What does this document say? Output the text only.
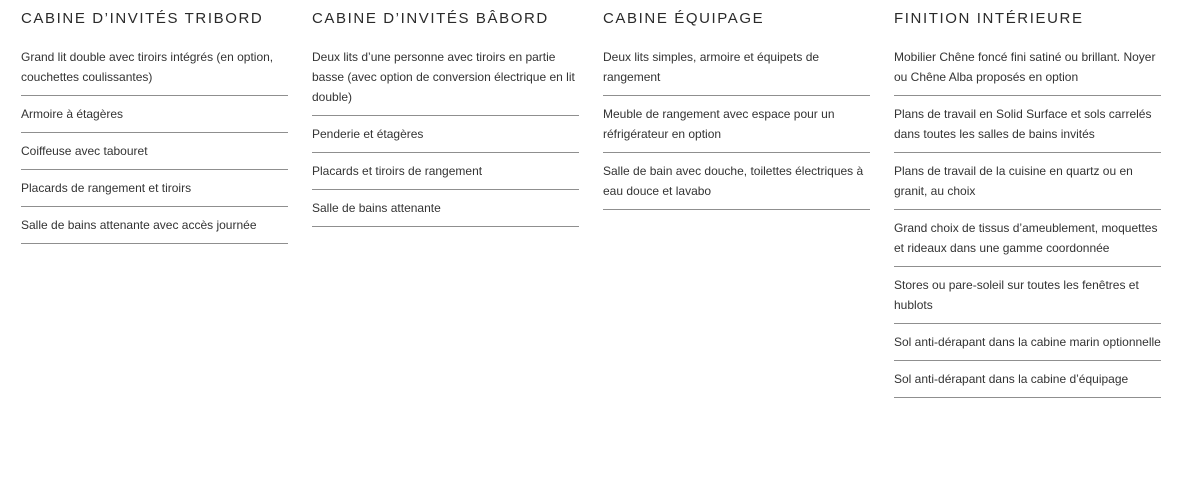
CABINE D’INVITÉS TRIBORD
Grand lit double avec tiroirs intégrés (en option, couchettes coulissantes)
Armoire à étagères
Coiffeuse avec tabouret
Placards de rangement et tiroirs
Salle de bains attenante avec accès journée
CABINE D’INVITÉS BÂBORD
Deux lits d’une personne avec tiroirs en partie basse (avec option de conversion électrique en lit double)
Penderie et étagères
Placards et tiroirs de rangement
Salle de bains attenante
CABINE ÉQUIPAGE
Deux lits simples, armoire et équipets de rangement
Meuble de rangement avec espace pour un réfrigérateur en option
Salle de bain avec douche, toilettes électriques à eau douce et lavabo
FINITION INTÉRIEURE
Mobilier Chêne foncé fini satiné ou brillant. Noyer ou Chêne Alba proposés en option
Plans de travail en Solid Surface et sols carrelés dans toutes les salles de bains invités
Plans de travail de la cuisine en quartz ou en granit, au choix
Grand choix de tissus d’ameublement, moquettes et rideaux dans une gamme coordonnée
Stores ou pare-soleil sur toutes les fenêtres et hublots
Sol anti-dérapant dans la cabine marin optionnelle
Sol anti-dérapant dans la cabine d’équipage
